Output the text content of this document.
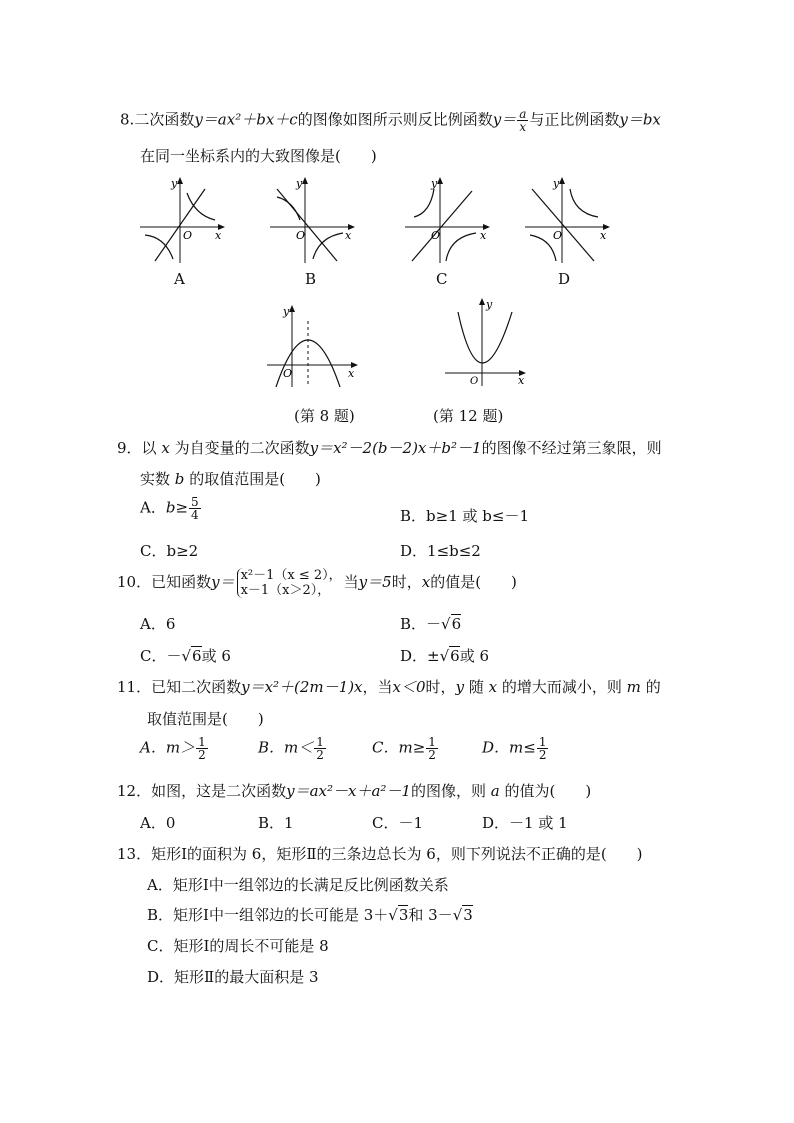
8.二次函数y＝ax²＋bx＋c的图像如图所示则反比例函数$y= \frac{a}{x}$ 与正比例函数y＝bx
在同一坐标系内的大致图像是(　　)
y
x
O
A
y
x
O
B
y
x
O
C
y
x
O
D
y
x
O
y
x
O
(第 8 题)	(第 12 题)
9．以 x 为自变量的二次函数y＝x²－2(b－2)x＋b²－1的图像不经过第三象限，则
实数 b 的取值范围是(　　)
A．$b\ge \frac{5}{4}$	B．b≥1 或 b≤－1
C．b≥2	D．1≤b≤2
10．已知函数y＝ x²－1（x ≤ 2），
x－1（x＞2）， 当y＝5时，x的值是(　　)
A．6	B．－√6
C．－√6或 6	D．±√6或 6
11．已知二次函数y＝x²＋(2m－1)x，当x＜0时，y 随 x 的增大而减小，则 m 的
取值范围是(　　)
A．$m> \frac{1}{2}$	B．$m< \frac{1}{2}$	C．$m\ge \frac{1}{2}$	D．$m\le \frac{1}{2}$
12．如图，这是二次函数y＝ax²－x＋a²－1的图像，则 a 的值为(　　)
A．0	B．1	C．－1	D．－1 或 1
13．矩形Ⅰ的面积为 6，矩形Ⅱ的三条边总长为 6，则下列说法不正确的是(　　)
A．矩形Ⅰ中一组邻边的长满足反比例函数关系
B．矩形Ⅰ中一组邻边的长可能是 3＋√3和 3－√3
C．矩形Ⅰ的周长不可能是 8
D．矩形Ⅱ的最大面积是 3
